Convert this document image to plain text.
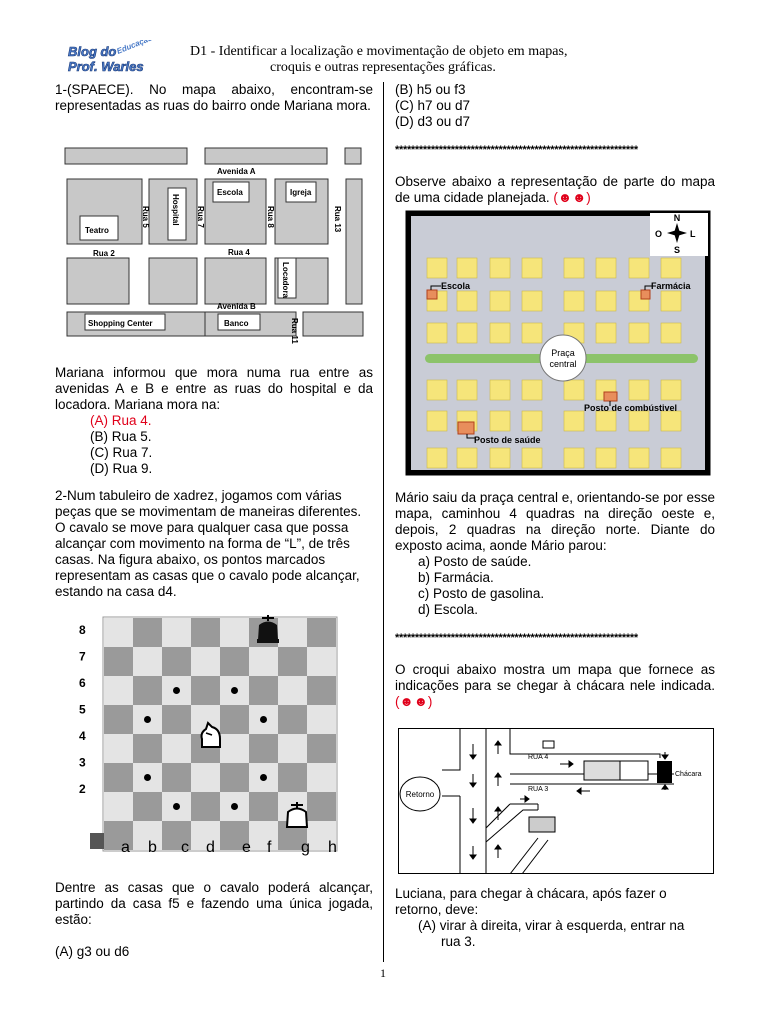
Blog do
Prof. Warles
Educação	D1 - Identificar a localização e movimentação de objeto em mapas,
croquis e outras representações gráficas.
1-(SPAECE). No mapa abaixo, encontram-se representadas as ruas do bairro onde Mariana mora.
Avenida A
Avenida B
Escola	Igreja
Teatro
Rua 2	Rua 4
Shopping Center	Banco
Hospital
Rua 5	Rua 7	Rua 8	Rua 13
Locadora
Rua 11
Mariana informou que mora numa rua entre as avenidas A e B e entre as ruas do hospital e da locadora. Mariana mora na:
(A) Rua 4.
(B) Rua 5.
(C) Rua 7.
(D) Rua 9.
2-Num tabuleiro de xadrez, jogamos com várias peças que se movimentam de maneiras diferentes. O cavalo se move para qualquer casa que possa alcançar com movimento na forma de “L”, de três casas. Na figura abaixo, os pontos marcados representam as casas que o cavalo pode alcançar, estando na casa d4.
8
7
6
5
4
3
2
a b c d e f g h
Dentre as casas que o cavalo poderá alcançar, partindo da casa f5 e fazendo uma única jogada, estão:
(A) g3 ou d6
(B) h5 ou f3
(C) h7 ou d7
(D) d3 ou d7
*************************************************************
Observe abaixo a representação de parte do mapa de uma cidade planejada. (☻☻)
Praça
central
N
S
L
O
Escola	Farmácia
Posto de combústivel
Posto de saúde
Mário saiu da praça central e, orientando-se por esse mapa, caminhou 4 quadras na direção oeste e, depois, 2 quadras na direção norte. Diante do exposto acima, aonde Mário parou:
a) Posto de saúde.
b) Farmácia.
c) Posto de gasolina.
d) Escola.
*************************************************************
O croqui abaixo mostra um mapa que fornece as indicações para se chegar à chácara nele indicada. (☻☻)
Retorno
RUA 4
RUA 3
Chácara
Luciana, para chegar à chácara, após fazer o retorno, deve:
(A) virar à direita, virar à esquerda, entrar na
rua 3.
1
